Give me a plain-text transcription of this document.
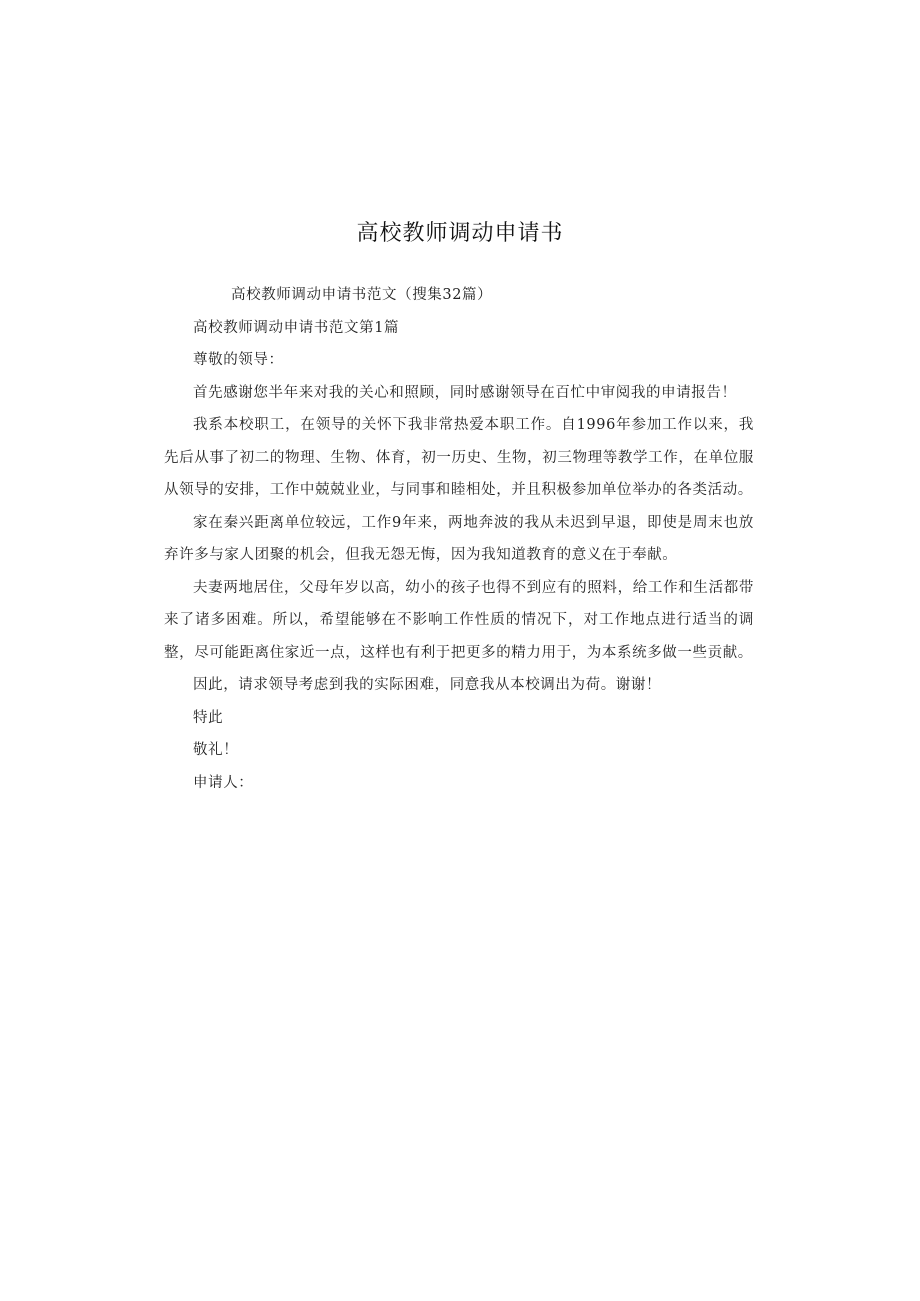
高校教师调动申请书

高校教师调动申请书范文（搜集32篇）

高校教师调动申请书范文第1篇

尊敬的领导：

首先感谢您半年来对我的关心和照顾，同时感谢领导在百忙中审阅我的申请报告！

我系本校职工，在领导的关怀下我非常热爱本职工作。自1996年参加工作以来，我先后从事了初二的物理、生物、体育，初一历史、生物，初三物理等教学工作，在单位服从领导的安排，工作中兢兢业业，与同事和睦相处，并且积极参加单位举办的各类活动。

家在秦兴距离单位较远，工作9年来，两地奔波的我从未迟到早退，即使是周末也放弃许多与家人团聚的机会，但我无怨无悔，因为我知道教育的意义在于奉献。

夫妻两地居住，父母年岁以高，幼小的孩子也得不到应有的照料，给工作和生活都带来了诸多困难。所以，希望能够在不影响工作性质的情况下，对工作地点进行适当的调整，尽可能距离住家近一点，这样也有利于把更多的精力用于，为本系统多做一些贡献。

因此，请求领导考虑到我的实际困难，同意我从本校调出为荷。谢谢！

特此

敬礼！

申请人：
